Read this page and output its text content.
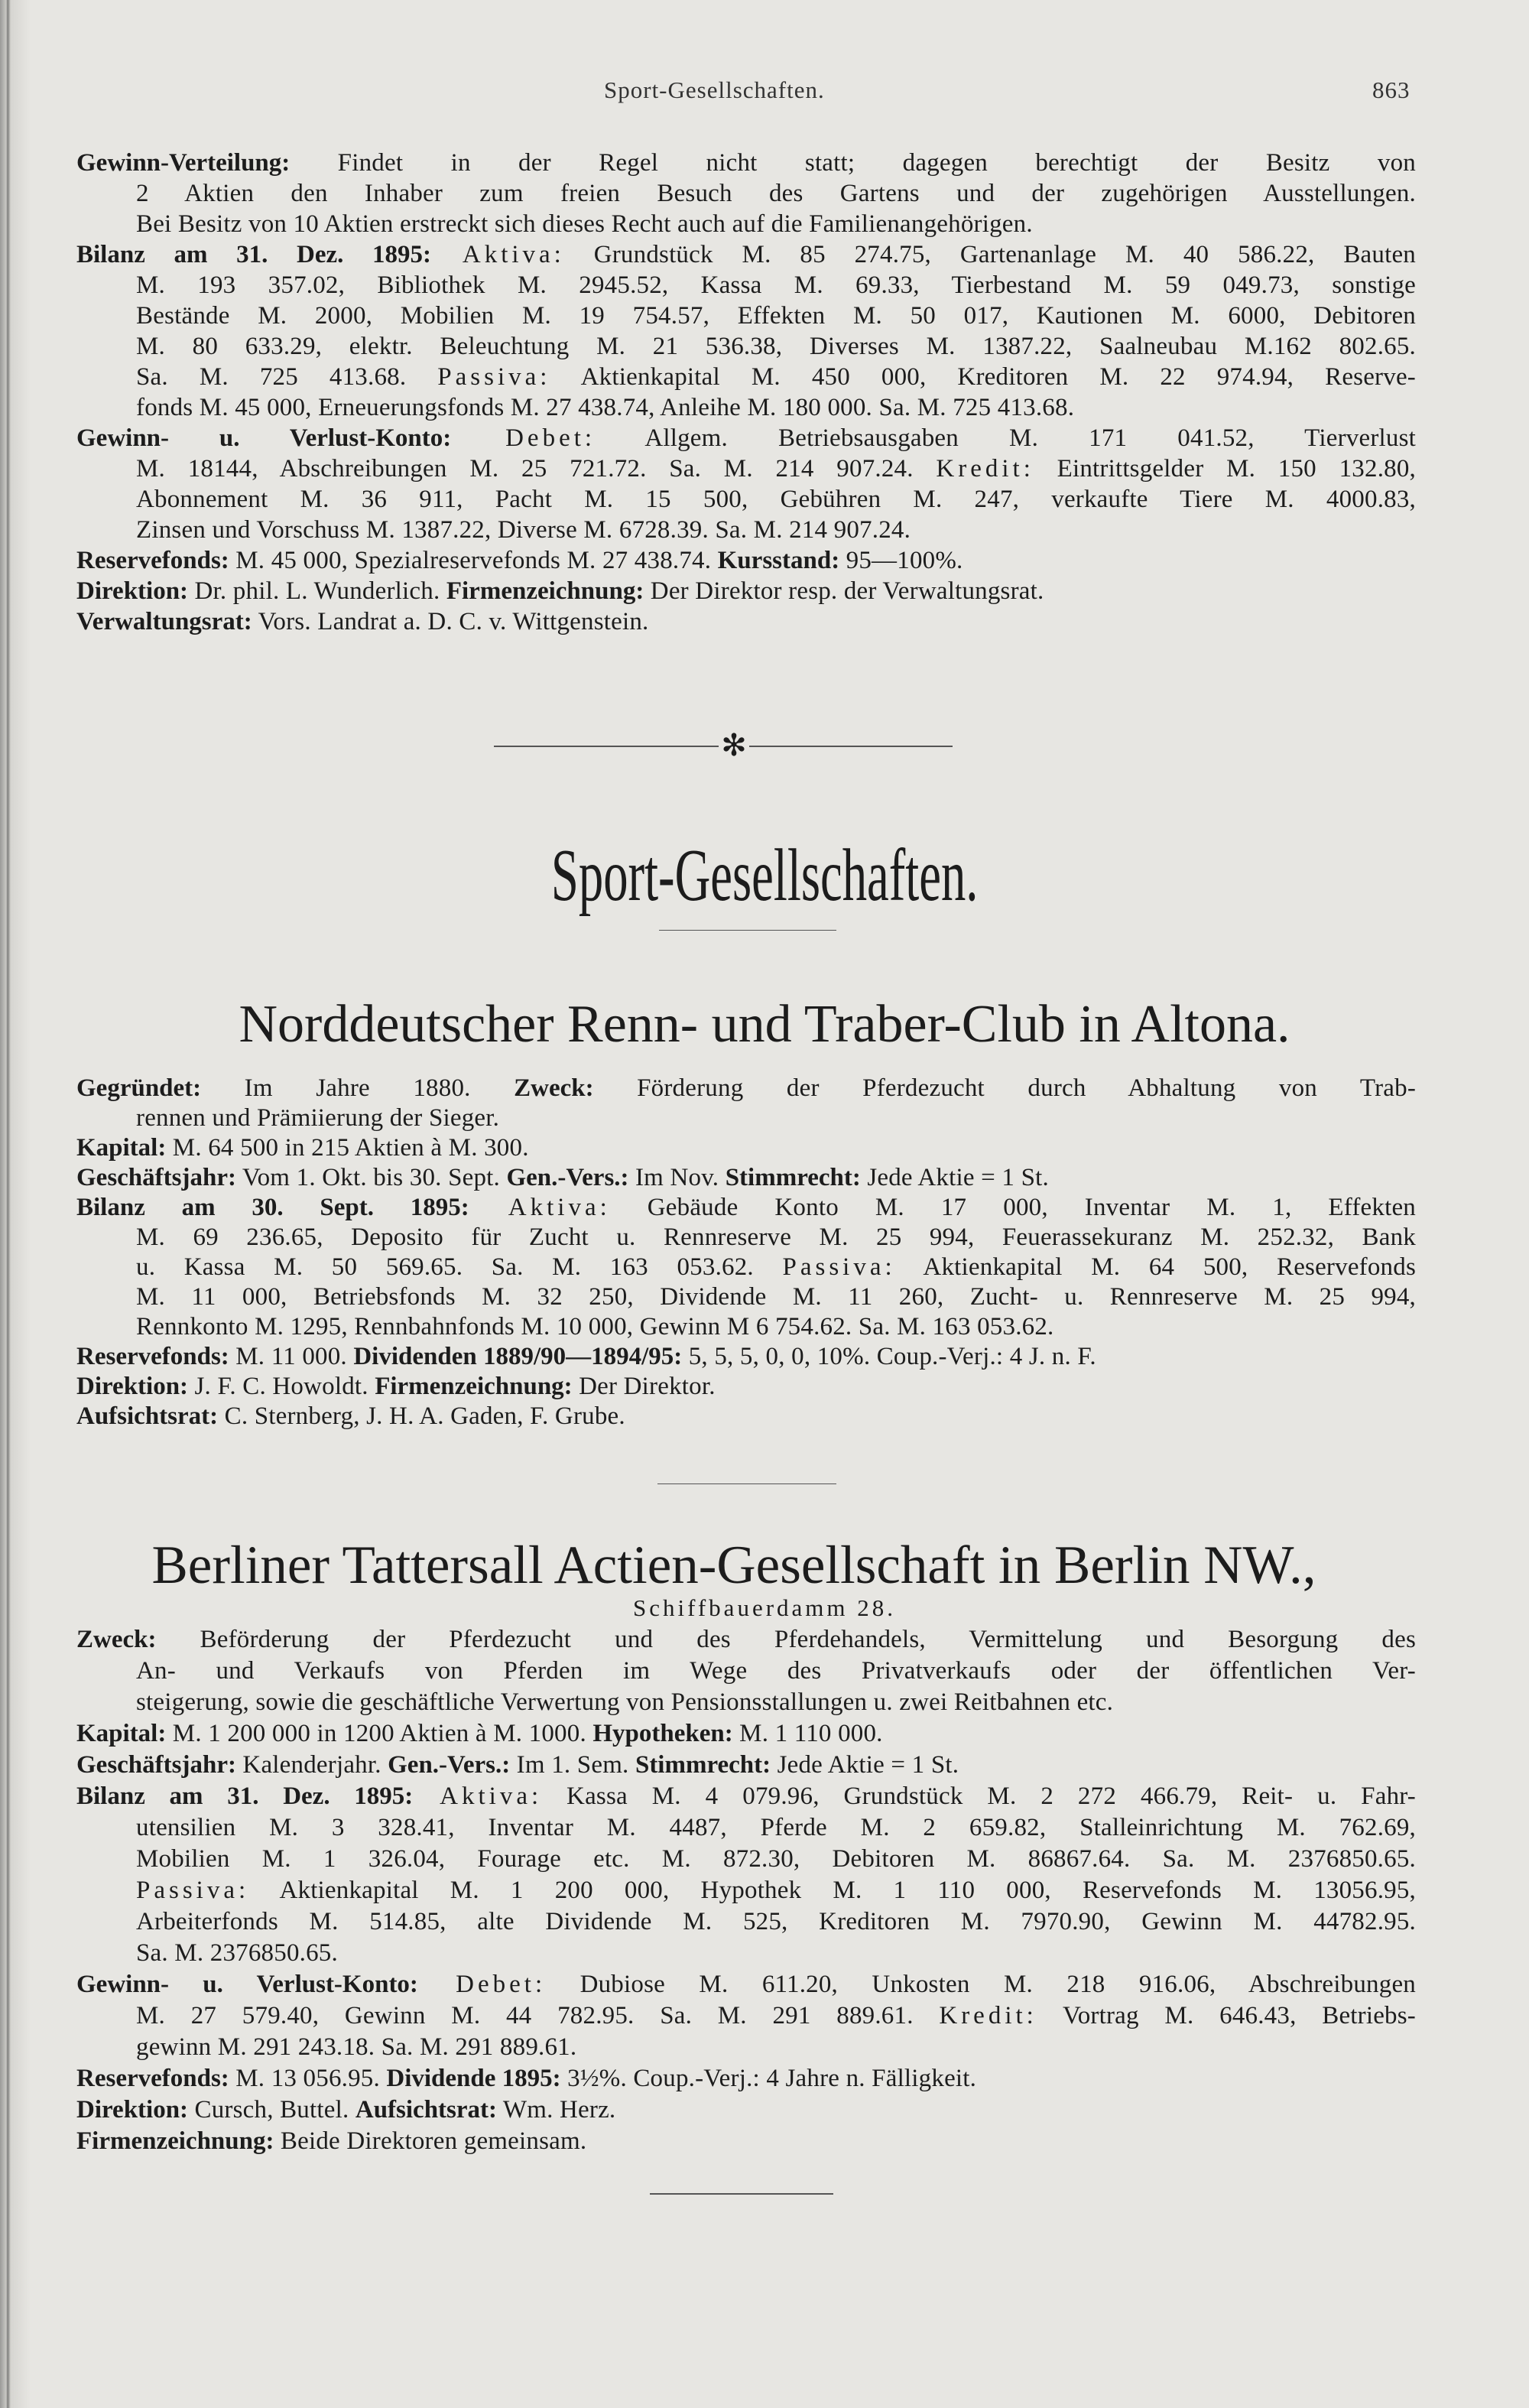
Sport-Gesellschaften.	863
Gewinn-Verteilung: Findet in der Regel nicht statt; dagegen berechtigt der Besitz von
2 Aktien den Inhaber zum freien Besuch des Gartens und der zugehörigen Ausstellungen.
Bei Besitz von 10 Aktien erstreckt sich dieses Recht auch auf die Familienangehörigen.
Bilanz am 31. Dez. 1895: Aktiva: Grundstück M. 85 274.75, Gartenanlage M. 40 586.22, Bauten
M. 193 357.02, Bibliothek M. 2945.52, Kassa M. 69.33, Tierbestand M. 59 049.73, sonstige
Bestände M. 2000, Mobilien M. 19 754.57, Effekten M. 50 017, Kautionen M. 6000, Debitoren
M. 80 633.29, elektr. Beleuchtung M. 21 536.38, Diverses M. 1387.22, Saalneubau M.162 802.65.
Sa. M. 725 413.68. Passiva: Aktienkapital M. 450 000, Kreditoren M. 22 974.94, Reserve-
fonds M. 45 000, Erneuerungsfonds M. 27 438.74, Anleihe M. 180 000. Sa. M. 725 413.68.
Gewinn- u. Verlust-Konto: Debet: Allgem. Betriebsausgaben M. 171 041.52, Tierverlust
M. 18144, Abschreibungen M. 25 721.72. Sa. M. 214 907.24. Kredit: Eintrittsgelder M. 150 132.80,
Abonnement M. 36 911, Pacht M. 15 500, Gebühren M. 247, verkaufte Tiere M. 4000.83,
Zinsen und Vorschuss M. 1387.22, Diverse M. 6728.39. Sa. M. 214 907.24.
Reservefonds: M. 45 000, Spezialreservefonds M. 27 438.74. Kursstand: 95—100%.
Direktion: Dr. phil. L. Wunderlich. Firmenzeichnung: Der Direktor resp. der Verwaltungsrat.
Verwaltungsrat: Vors. Landrat a. D. C. v. Wittgenstein.
✻
Sport-Gesellschaften.
Norddeutscher Renn- und Traber-Club in Altona.
Gegründet: Im Jahre 1880. Zweck: Förderung der Pferdezucht durch Abhaltung von Trab-
rennen und Prämiierung der Sieger.
Kapital: M. 64 500 in 215 Aktien à M. 300.
Geschäftsjahr: Vom 1. Okt. bis 30. Sept. Gen.-Vers.: Im Nov. Stimmrecht: Jede Aktie = 1 St.
Bilanz am 30. Sept. 1895: Aktiva: Gebäude Konto M. 17 000, Inventar M. 1, Effekten
M. 69 236.65, Deposito für Zucht u. Rennreserve M. 25 994, Feuerassekuranz M. 252.32, Bank
u. Kassa M. 50 569.65. Sa. M. 163 053.62. Passiva: Aktienkapital M. 64 500, Reservefonds
M. 11 000, Betriebsfonds M. 32 250, Dividende M. 11 260, Zucht- u. Rennreserve M. 25 994,
Rennkonto M. 1295, Rennbahnfonds M. 10 000, Gewinn M 6 754.62. Sa. M. 163 053.62.
Reservefonds: M. 11 000. Dividenden 1889/90—1894/95: 5, 5, 5, 0, 0, 10%. Coup.-Verj.: 4 J. n. F.
Direktion: J. F. C. Howoldt. Firmenzeichnung: Der Direktor.
Aufsichtsrat: C. Sternberg, J. H. A. Gaden, F. Grube.
Berliner Tattersall Actien-Gesellschaft in Berlin NW.,
Schiffbauerdamm 28.
Zweck: Beförderung der Pferdezucht und des Pferdehandels, Vermittelung und Besorgung des
An- und Verkaufs von Pferden im Wege des Privatverkaufs oder der öffentlichen Ver-
steigerung, sowie die geschäftliche Verwertung von Pensionsstallungen u. zwei Reitbahnen etc.
Kapital: M. 1 200 000 in 1200 Aktien à M. 1000. Hypotheken: M. 1 110 000.
Geschäftsjahr: Kalenderjahr. Gen.-Vers.: Im 1. Sem. Stimmrecht: Jede Aktie = 1 St.
Bilanz am 31. Dez. 1895: Aktiva: Kassa M. 4 079.96, Grundstück M. 2 272 466.79, Reit- u. Fahr-
utensilien M. 3 328.41, Inventar M. 4487, Pferde M. 2 659.82, Stalleinrichtung M. 762.69,
Mobilien M. 1 326.04, Fourage etc. M. 872.30, Debitoren M. 86867.64. Sa. M. 2376850.65.
Passiva: Aktienkapital M. 1 200 000, Hypothek M. 1 110 000, Reservefonds M. 13056.95,
Arbeiterfonds M. 514.85, alte Dividende M. 525, Kreditoren M. 7970.90, Gewinn M. 44782.95.
Sa. M. 2376850.65.
Gewinn- u. Verlust-Konto: Debet: Dubiose M. 611.20, Unkosten M. 218 916.06, Abschreibungen
M. 27 579.40, Gewinn M. 44 782.95. Sa. M. 291 889.61. Kredit: Vortrag M. 646.43, Betriebs-
gewinn M. 291 243.18. Sa. M. 291 889.61.
Reservefonds: M. 13 056.95. Dividende 1895: 3½%. Coup.-Verj.: 4 Jahre n. Fälligkeit.
Direktion: Cursch, Buttel. Aufsichtsrat: Wm. Herz.
Firmenzeichnung: Beide Direktoren gemeinsam.
